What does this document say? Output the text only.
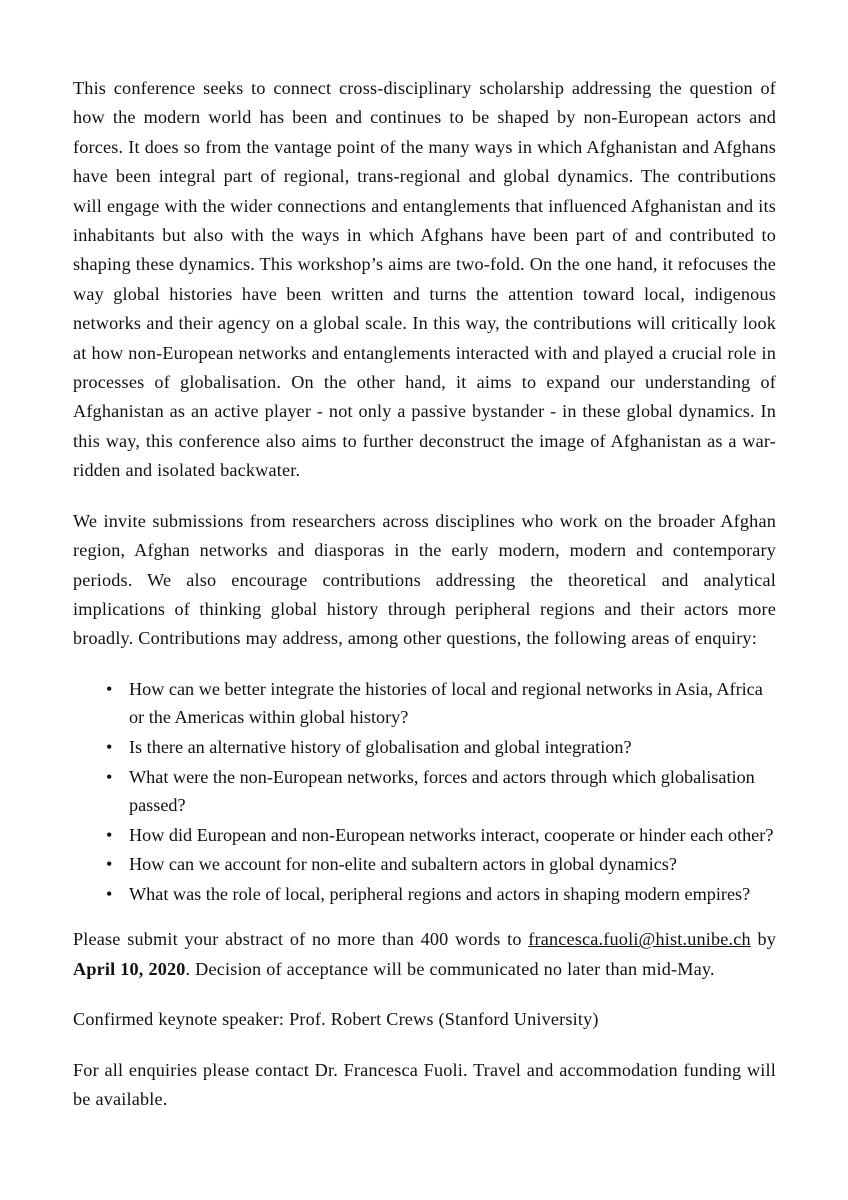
This conference seeks to connect cross-disciplinary scholarship addressing the question of how the modern world has been and continues to be shaped by non-European actors and forces. It does so from the vantage point of the many ways in which Afghanistan and Afghans have been integral part of regional, trans-regional and global dynamics. The contributions will engage with the wider connections and entanglements that influenced Afghanistan and its inhabitants but also with the ways in which Afghans have been part of and contributed to shaping these dynamics. This workshop’s aims are two-fold. On the one hand, it refocuses the way global histories have been written and turns the attention toward local, indigenous networks and their agency on a global scale. In this way, the contributions will critically look at how non-European networks and entanglements interacted with and played a crucial role in processes of globalisation. On the other hand, it aims to expand our understanding of Afghanistan as an active player - not only a passive bystander - in these global dynamics. In this way, this conference also aims to further deconstruct the image of Afghanistan as a war-ridden and isolated backwater.

We invite submissions from researchers across disciplines who work on the broader Afghan region, Afghan networks and diasporas in the early modern, modern and contemporary periods. We also encourage contributions addressing the theoretical and analytical implications of thinking global history through peripheral regions and their actors more broadly. Contributions may address, among other questions, the following areas of enquiry:

• How can we better integrate the histories of local and regional networks in Asia, Africa or the Americas within global history?
• Is there an alternative history of globalisation and global integration?
• What were the non-European networks, forces and actors through which globalisation passed?
• How did European and non-European networks interact, cooperate or hinder each other?
• How can we account for non-elite and subaltern actors in global dynamics?
• What was the role of local, peripheral regions and actors in shaping modern empires?

Please submit your abstract of no more than 400 words to francesca.fuoli@hist.unibe.ch by April 10, 2020. Decision of acceptance will be communicated no later than mid-May.

Confirmed keynote speaker: Prof. Robert Crews (Stanford University)

For all enquiries please contact Dr. Francesca Fuoli. Travel and accommodation funding will be available.
